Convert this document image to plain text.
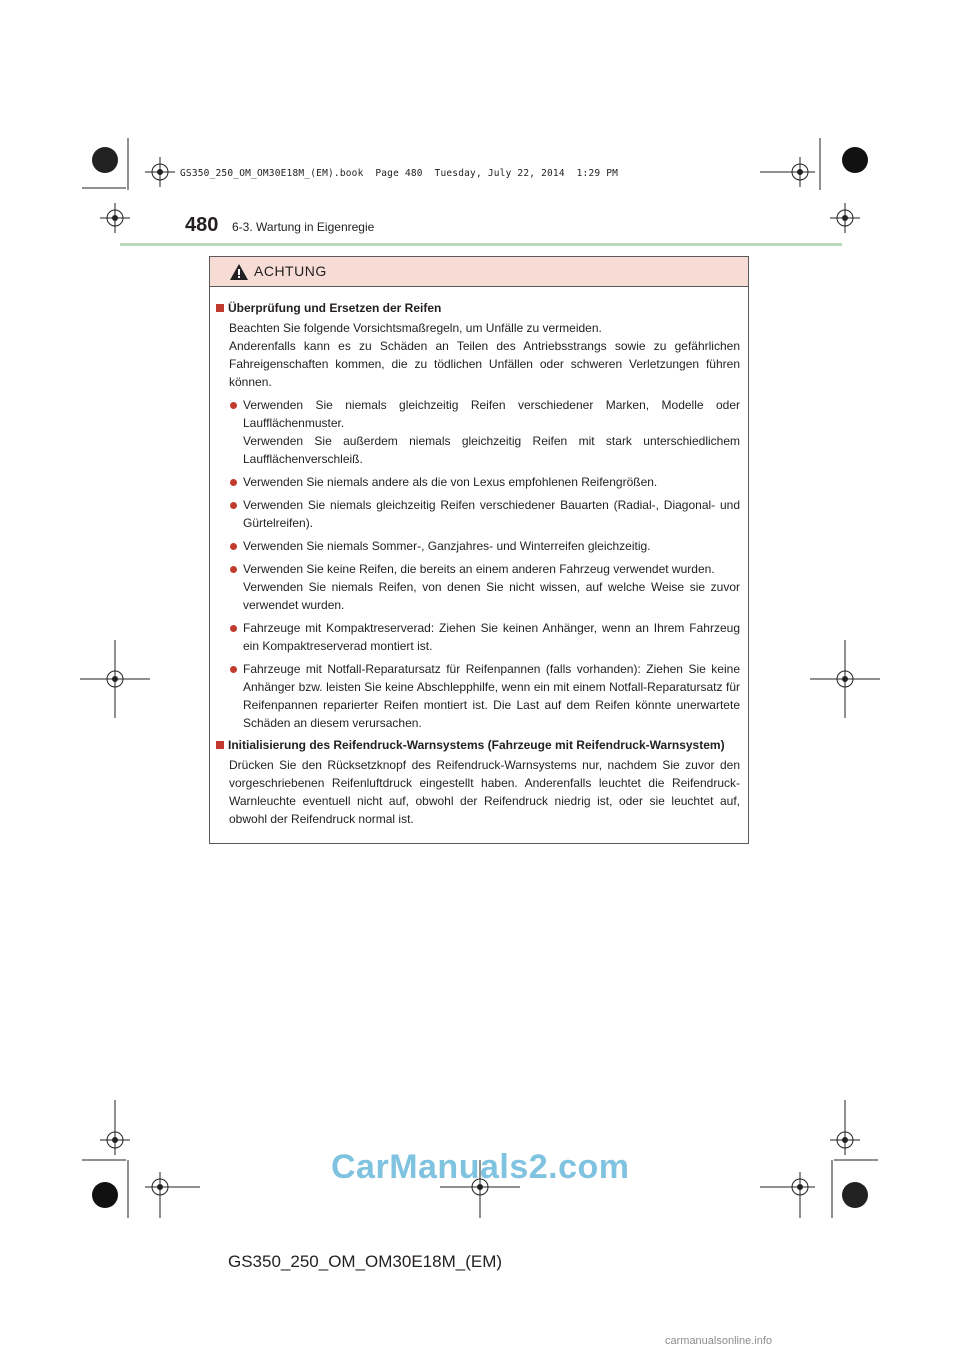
GS350_250_OM_OM30E18M_(EM).book  Page 480  Tuesday, July 22, 2014  1:29 PM
480 6-3. Wartung in Eigenregie
ACHTUNG
Überprüfung und Ersetzen der Reifen
Beachten Sie folgende Vorsichtsmaßregeln, um Unfälle zu vermeiden.
Anderenfalls kann es zu Schäden an Teilen des Antriebsstrangs sowie zu gefährlichen Fahreigenschaften kommen, die zu tödlichen Unfällen oder schweren Verletzungen führen können.
Verwenden Sie niemals gleichzeitig Reifen verschiedener Marken, Modelle oder Laufflächenmuster.
Verwenden Sie außerdem niemals gleichzeitig Reifen mit stark unterschiedlichem Laufflächenverschleiß.
Verwenden Sie niemals andere als die von Lexus empfohlenen Reifengrößen.
Verwenden Sie niemals gleichzeitig Reifen verschiedener Bauarten (Radial-, Diagonal- und Gürtelreifen).
Verwenden Sie niemals Sommer-, Ganzjahres- und Winterreifen gleichzeitig.
Verwenden Sie keine Reifen, die bereits an einem anderen Fahrzeug verwendet wurden.
Verwenden Sie niemals Reifen, von denen Sie nicht wissen, auf welche Weise sie zuvor verwendet wurden.
Fahrzeuge mit Kompaktreserverad: Ziehen Sie keinen Anhänger, wenn an Ihrem Fahrzeug ein Kompaktreserverad montiert ist.
Fahrzeuge mit Notfall-Reparatursatz für Reifenpannen (falls vorhanden): Ziehen Sie keine Anhänger bzw. leisten Sie keine Abschlepphilfe, wenn ein mit einem Notfall-Reparatursatz für Reifenpannen reparierter Reifen montiert ist. Die Last auf dem Reifen könnte unerwartete Schäden an diesem verursachen.
Initialisierung des Reifendruck-Warnsystems (Fahrzeuge mit Reifendruck-Warnsystem)
Drücken Sie den Rücksetzknopf des Reifendruck-Warnsystems nur, nachdem Sie zuvor den vorgeschriebenen Reifenluftdruck eingestellt haben. Anderenfalls leuchtet die Reifendruck-Warnleuchte eventuell nicht auf, obwohl der Reifendruck niedrig ist, oder sie leuchtet auf, obwohl der Reifendruck normal ist.
CarManuals2.com
GS350_250_OM_OM30E18M_(EM)
carmanualsonline.info
